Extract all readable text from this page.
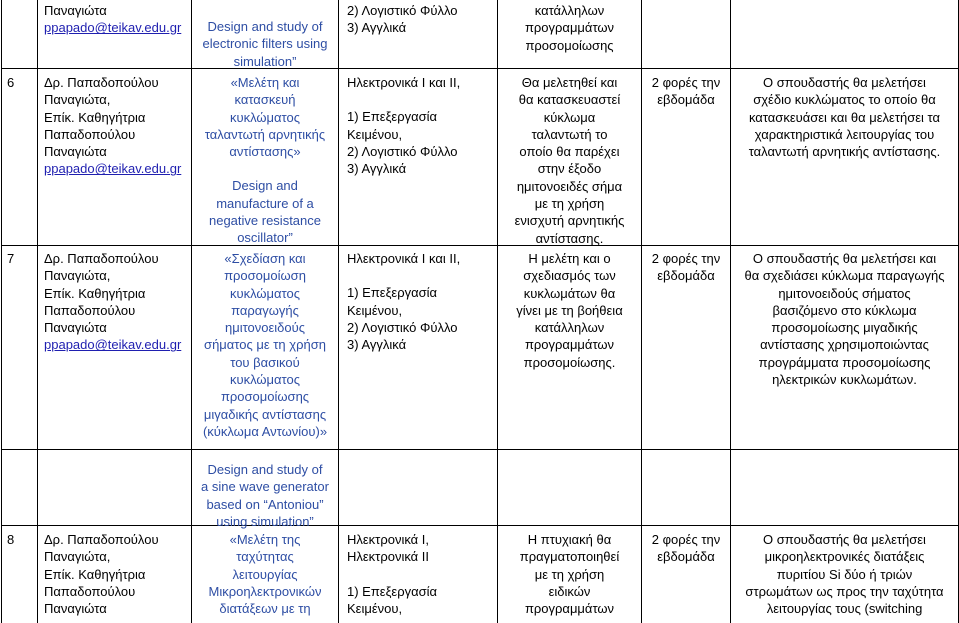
Παναγιώτα
ppapado@teikav.edu.gr	Design and study of
electronic filters using
simulation”
2) Λογιστικό Φύλλο
3) Αγγλικά
κατάλληλων
προγραμμάτων
προσομοίωσης
6 Δρ. Παπαδοπούλου
Παναγιώτα,
Επίκ. Καθηγήτρια
Παπαδοπούλου
Παναγιώτα
ppapado@teikav.edu.gr
«Μελέτη και
κατασκευή
κυκλώματος
ταλαντωτή αρνητικής
αντίστασης»
Design and
manufacture of a
negative resistance
oscillator”
Ηλεκτρονικά Ι και ΙΙ,
1) Επεξεργασία
Κειμένου,
2) Λογιστικό Φύλλο
3) Αγγλικά
Θα μελετηθεί και
θα κατασκευαστεί
κύκλωμα
ταλαντωτή το
οποίο θα παρέχει
στην έξοδο
ημιτονοειδές σήμα
με τη χρήση
ενισχυτή αρνητικής
αντίστασης.
2 φορές την
εβδομάδα
Ο σπουδαστής θα μελετήσει
σχέδιο κυκλώματος το οποίο θα
κατασκευάσει και θα μελετήσει τα
χαρακτηριστικά λειτουργίας του
ταλαντωτή αρνητικής αντίστασης.
7 Δρ. Παπαδοπούλου
Παναγιώτα,
Επίκ. Καθηγήτρια
Παπαδοπούλου
Παναγιώτα
ppapado@teikav.edu.gr
«Σχεδίαση και
προσομοίωση
κυκλώματος
παραγωγής
ημιτονοειδούς
σήματος με τη χρήση
του βασικού
κυκλώματος
προσομοίωσης
μιγαδικής αντίστασης
(κύκλωμα Αντωνίου)»
Ηλεκτρονικά Ι και ΙΙ,
1) Επεξεργασία
Κειμένου,
2) Λογιστικό Φύλλο
3) Αγγλικά
Η μελέτη και ο
σχεδιασμός των
κυκλωμάτων θα
γίνει με τη βοήθεια
κατάλληλων
προγραμμάτων
προσομοίωσης.
2 φορές την
εβδομάδα
Ο σπουδαστής θα μελετήσει και
θα σχεδιάσει κύκλωμα παραγωγής
ημιτονοειδούς σήματος
βασιζόμενο στο κύκλωμα
προσομοίωσης μιγαδικής
αντίστασης χρησιμοποιώντας
προγράμματα προσομοίωσης
ηλεκτρικών κυκλωμάτων.
Design and study of
a sine wave generator
based on “Antoniou”
using simulation”
8 Δρ. Παπαδοπούλου
Παναγιώτα,
Επίκ. Καθηγήτρια
Παπαδοπούλου
Παναγιώτα
«Μελέτη της
ταχύτητας
λειτουργίας
Μικροηλεκτρονικών
διατάξεων με τη
Ηλεκτρονικά Ι,
Ηλεκτρονικά ΙΙ
1) Επεξεργασία
Κειμένου,
Η πτυχιακή θα
πραγματοποιηθεί
με τη χρήση
ειδικών
προγραμμάτων
2 φορές την
εβδομάδα
Ο σπουδαστής θα μελετήσει
μικροηλεκτρονικές διατάξεις
πυριτίου Si δύο ή τριών
στρωμάτων ως προς την ταχύτητα
λειτουργίας τους (switching
